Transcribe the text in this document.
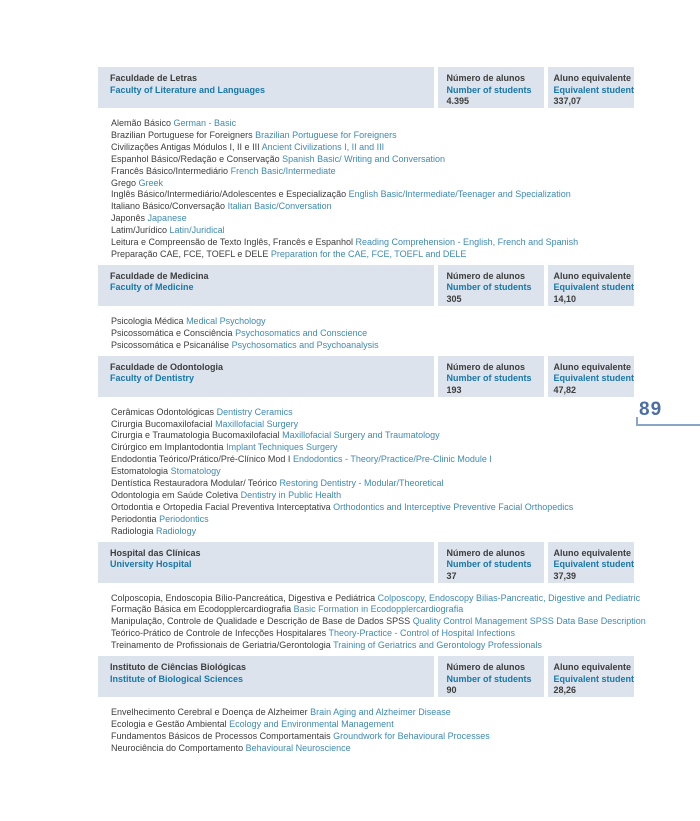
Faculdade de Letras
Faculty of Literature and Languages
Número de alunos
Number of students
4.395
Aluno equivalente
Equivalent student
337,07
Alemão Básico German - Basic
Brazilian Portuguese for Foreigners Brazilian Portuguese for Foreigners
Civilizações Antigas Módulos I, II e III Ancient Civilizations I, II and III
Espanhol Básico/Redação e Conservação Spanish Basic/ Writing and Conversation
Francês Básico/Intermediário French Basic/Intermediate
Grego Greek
Inglês Básico/Intermediário/Adolescentes e Especialização English Basic/Intermediate/Teenager and Specialization
Italiano Básico/Conversação Italian Basic/Conversation
Japonês Japanese
Latim/Jurídico Latin/Juridical
Leitura e Compreensão de Texto Inglês, Francês e Espanhol Reading Comprehension - English, French and Spanish
Preparação CAE, FCE, TOEFL e DELE Preparation for the CAE, FCE, TOEFL and DELE
Faculdade de Medicina
Faculty of Medicine
Número de alunos
Number of students
305
Aluno equivalente
Equivalent student
14,10
Psicologia Médica Medical Psychology
Psicossomática e Consciência Psychosomatics and Conscience
Psicossomática e Psicanálise Psychosomatics and Psychoanalysis
Faculdade de Odontologia
Faculty of Dentistry
Número de alunos
Number of students
193
Aluno equivalente
Equivalent student
47,82
Cerâmicas Odontológicas Dentistry Ceramics
Cirurgia Bucomaxilofacial Maxillofacial Surgery
Cirurgia e Traumatologia Bucomaxilofacial Maxillofacial Surgery and Traumatology
Cirúrgico em Implantodontia Implant Techniques Surgery
Endodontia Teórico/Prático/Pré-Clínico Mod I Endodontics - Theory/Practice/Pre-Clinic Module I
Estomatologia Stomatology
Dentística Restauradora Modular/ Teórico Restoring Dentistry - Modular/Theoretical
Odontologia em Saúde Coletiva Dentistry in Public Health
Ortodontia e Ortopedia Facial Preventiva Interceptativa Orthodontics and Interceptive Preventive Facial Orthopedics
Periodontia Periodontics
Radiologia Radiology
Hospital das Clínicas
University Hospital
Número de alunos
Number of students
37
Aluno equivalente
Equivalent student
37,39
Colposcopia, Endoscopia Bílio-Pancreática, Digestiva e Pediátrica Colposcopy, Endoscopy Bilias-Pancreatic, Digestive and Pediatric
Formação Básica em Ecodopplercardiografia Basic Formation in Ecodopplercardiografia
Manipulação, Controle de Qualidade e Descrição de Base de Dados SPSS Quality Control Management SPSS Data Base Description
Teórico-Prático de Controle de Infecções Hospitalares Theory-Practice - Control of Hospital Infections
Treinamento de Profissionais de Geriatria/Gerontologia Training of Geriatrics and Gerontology Professionals
Instituto de Ciências Biológicas
Institute of Biological Sciences
Número de alunos
Number of students
90
Aluno equivalente
Equivalent student
28,26
Envelhecimento Cerebral e Doença de Alzheimer Brain Aging and Alzheimer Disease
Ecologia e Gestão Ambiental Ecology and Environmental Management
Fundamentos Básicos de Processos Comportamentais Groundwork for Behavioural Processes
Neurociência do Comportamento Behavioural Neuroscience
89
